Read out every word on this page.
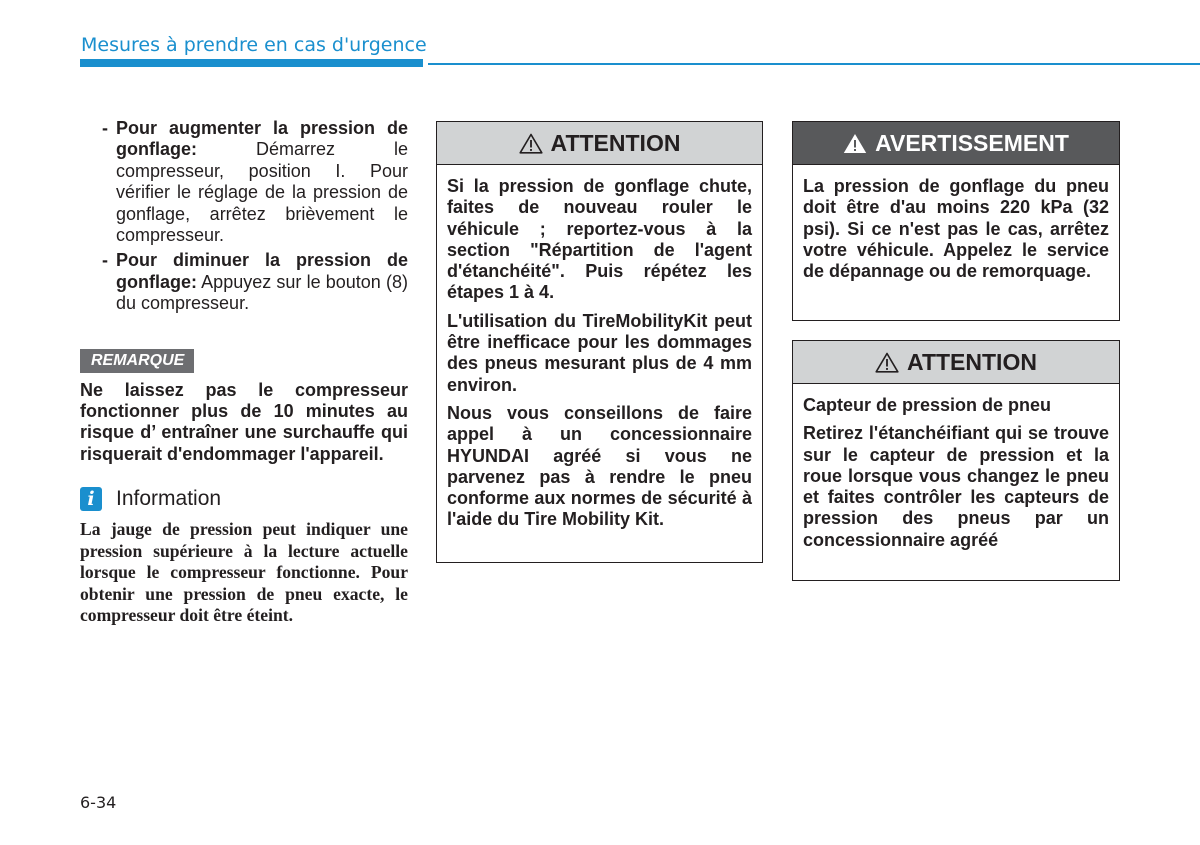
Mesures à prendre en cas d'urgence
- Pour augmenter la pression de gonflage: Démarrez le compresseur, position I. Pour vérifier le réglage de la pression de gonflage, arrêtez brièvement le compresseur.
- Pour diminuer la pression de gonflage: Appuyez sur le bouton (8) du compresseur.
REMARQUE
Ne laissez pas le compresseur fonctionner plus de 10 minutes au risque d’ entraîner une surchauffe qui risquerait d'endommager l'appareil.
i	Information
La jauge de pression peut indiquer une pression supérieure à la lecture actuelle lorsque le compresseur fonctionne. Pour obtenir une pression de pneu exacte, le compresseur doit être éteint.
ATTENTION

Si la pression de gonflage chute, faites de nouveau rouler le véhicule ; reportez-vous à la section "Répartition de l'agent d'étanchéité". Puis répétez les étapes 1 à 4.

L'utilisation du TireMobilityKit peut être inefficace pour les dommages des pneus mesurant plus de 4 mm environ.

Nous vous conseillons de faire appel à un concessionnaire HYUNDAI agréé si vous ne parvenez pas à rendre le pneu conforme aux normes de sécurité à l'aide du Tire Mobility Kit.

AVERTISSEMENT

La pression de gonflage du pneu doit être d'au moins 220 kPa (32 psi). Si ce n'est pas le cas, arrêtez votre véhicule. Appelez le service de dépannage ou de remorquage.

ATTENTION

Capteur de pression de pneu

Retirez l'étanchéifiant qui se trouve sur le capteur de pression et la roue lorsque vous changez le pneu et faites contrôler les capteurs de pression des pneus par un concessionnaire agréé

6-34
